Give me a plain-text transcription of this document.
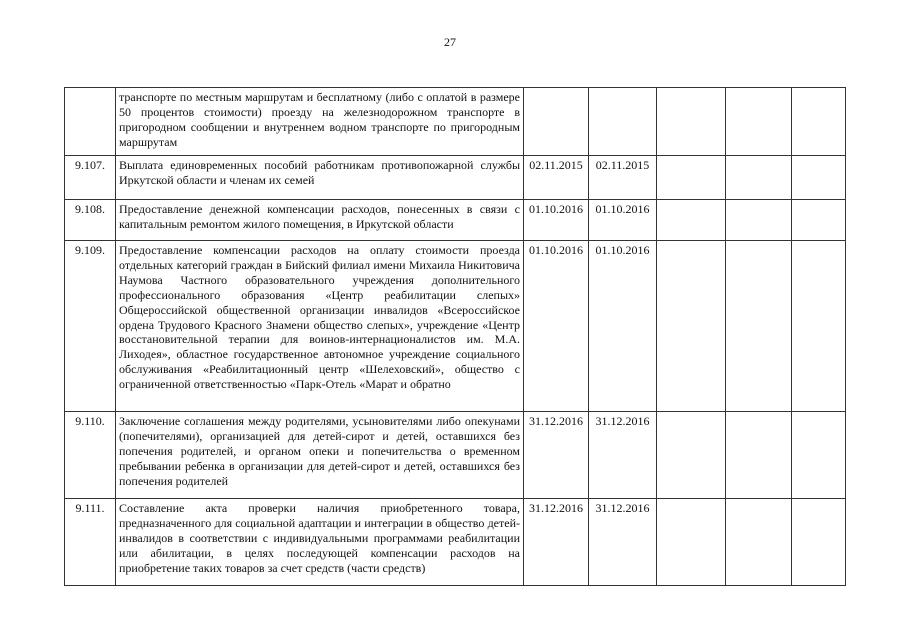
27
	транспорте по местным маршрутам и бесплатному (либо с оплатой в размере 50 процентов стоимости) проезду на железнодорожном транспорте в пригородном сообщении и внутреннем водном транспорте по пригородным маршрутам					
9.107.	Выплата единовременных пособий работникам противопожарной службы Иркутской области и членам их семей	02.11.2015	02.11.2015			
9.108.	Предоставление денежной компенсации расходов, понесенных в связи с капитальным ремонтом жилого помещения, в Иркутской области	01.10.2016	01.10.2016			
9.109.	Предоставление компенсации расходов на оплату стоимости проезда отдельных категорий граждан в Бийский филиал имени Михаила Никитовича Наумова Частного образовательного учреждения дополнительного профессионального образования «Центр реабилитации слепых» Общероссийской общественной организации инвалидов «Всероссийское ордена Трудового Красного Знамени общество слепых», учреждение «Центр восстановительной терапии для воинов-интернационалистов им. М.А. Лиходея», областное государственное автономное учреждение социального обслуживания «Реабилитационный центр «Шелеховский», общество с ограниченной ответственностью «Парк-Отель «Марат и обратно	01.10.2016	01.10.2016			
9.110.	Заключение соглашения между родителями, усыновителями либо опекунами (попечителями), организацией для детей-сирот и детей, оставшихся без попечения родителей, и органом опеки и попечительства о временном пребывании ребенка в организации для детей-сирот и детей, оставшихся без попечения родителей	31.12.2016	31.12.2016			
9.111.	Составление акта проверки наличия приобретенного товара, предназначенного для социальной адаптации и интеграции в общество детей-инвалидов в соответствии с индивидуальными программами реабилитации или абилитации, в целях последующей компенсации расходов на приобретение таких товаров за счет средств (части средств)	31.12.2016	31.12.2016			
